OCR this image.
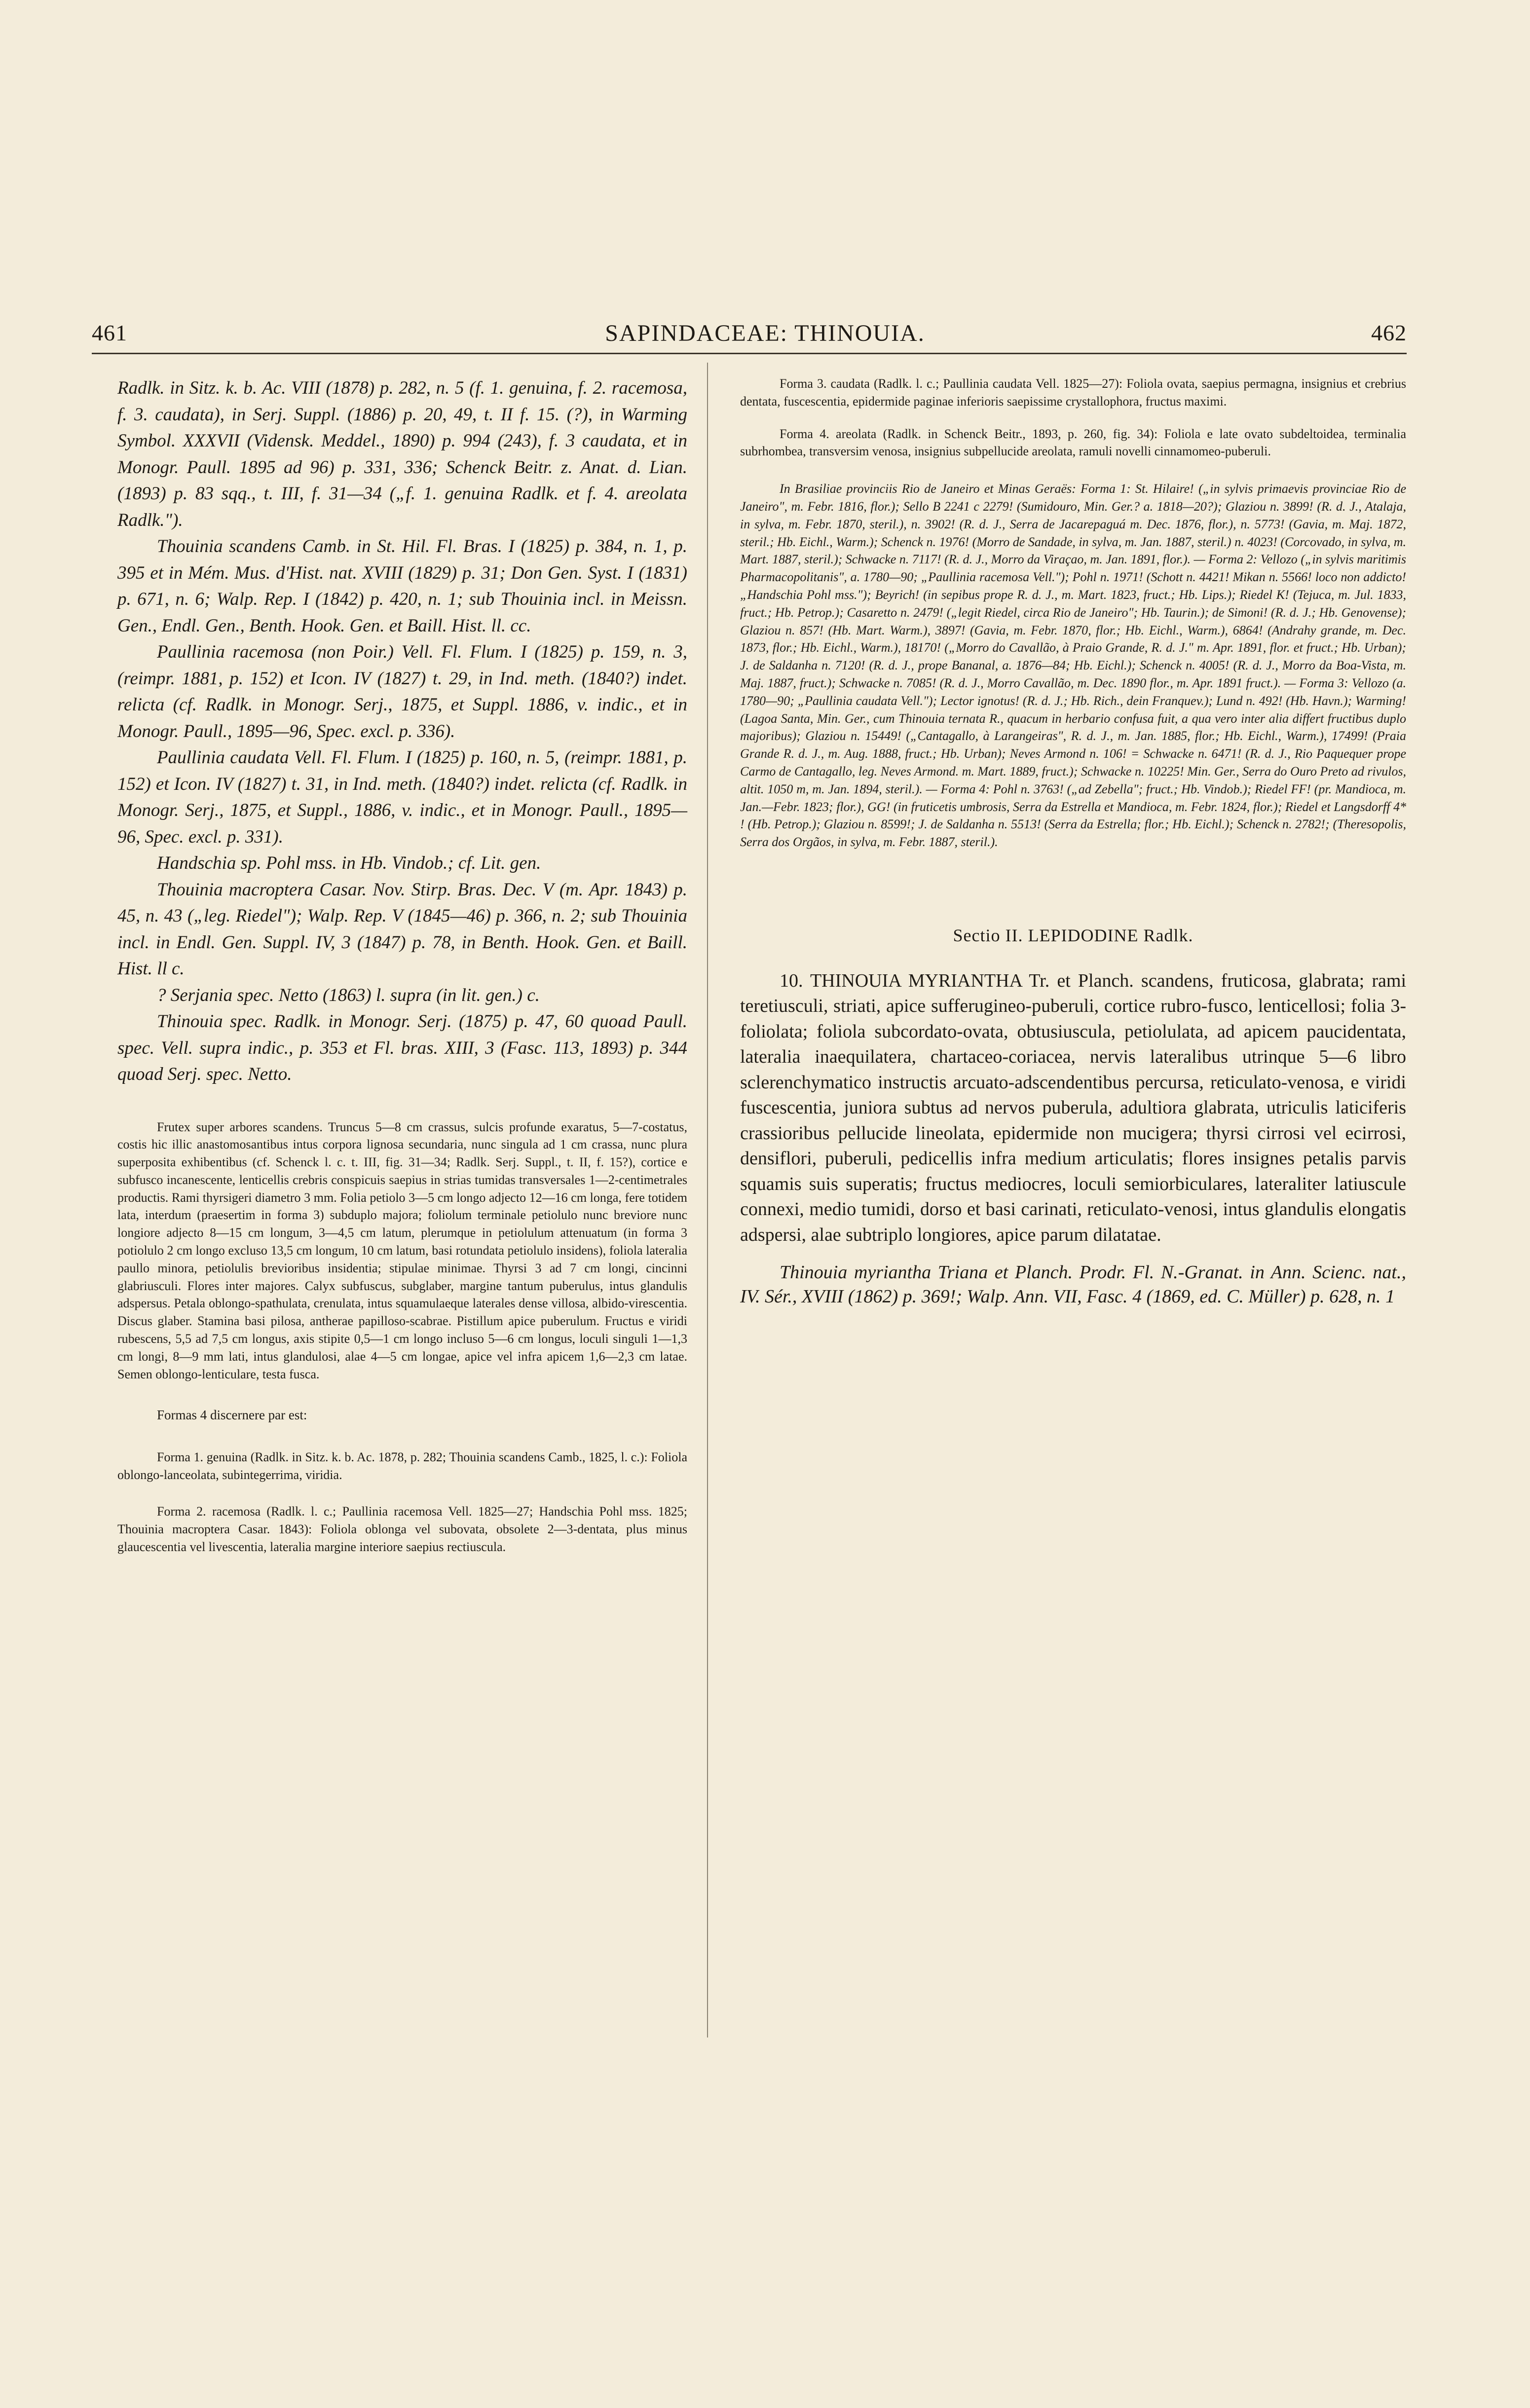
461	SAPINDACEAE: THINOUIA.	462

Radlk. in Sitz. k. b. Ac. VIII (1878) p. 282, n. 5 (f. 1. genuina, f. 2. racemosa, f. 3. caudata), in Serj. Suppl. (1886) p. 20, 49, t. II f. 15. (?), in Warming Symbol. XXXVII (Vidensk. Meddel., 1890) p. 994 (243), f. 3 caudata, et in Monogr. Paull. 1895 ad 96) p. 331, 336; Schenck Beitr. z. Anat. d. Lian. (1893) p. 83 sqq., t. III, f. 31—34 („f. 1. genuina Radlk. et f. 4. areolata Radlk.").

Thouinia scandens Camb. in St. Hil. Fl. Bras. I (1825) p. 384, n. 1, p. 395 et in Mém. Mus. d'Hist. nat. XVIII (1829) p. 31; Don Gen. Syst. I (1831) p. 671, n. 6; Walp. Rep. I (1842) p. 420, n. 1; sub Thouinia incl. in Meissn. Gen., Endl. Gen., Benth. Hook. Gen. et Baill. Hist. ll. cc.

Paullinia racemosa (non Poir.) Vell. Fl. Flum. I (1825) p. 159, n. 3, (reimpr. 1881, p. 152) et Icon. IV (1827) t. 29, in Ind. meth. (1840?) indet. relicta (cf. Radlk. in Monogr. Serj., 1875, et Suppl. 1886, v. indic., et in Monogr. Paull., 1895—96, Spec. excl. p. 336).

Paullinia caudata Vell. Fl. Flum. I (1825) p. 160, n. 5, (reimpr. 1881, p. 152) et Icon. IV (1827) t. 31, in Ind. meth. (1840?) indet. relicta (cf. Radlk. in Monogr. Serj., 1875, et Suppl., 1886, v. indic., et in Monogr. Paull., 1895—96, Spec. excl. p. 331).

Handschia sp. Pohl mss. in Hb. Vindob.; cf. Lit. gen.

Thouinia macroptera Casar. Nov. Stirp. Bras. Dec. V (m. Apr. 1843) p. 45, n. 43 („leg. Riedel"); Walp. Rep. V (1845—46) p. 366, n. 2; sub Thouinia incl. in Endl. Gen. Suppl. IV, 3 (1847) p. 78, in Benth. Hook. Gen. et Baill. Hist. ll c.

? Serjania spec. Netto (1863) l. supra (in lit. gen.) c.

Thinouia spec. Radlk. in Monogr. Serj. (1875) p. 47, 60 quoad Paull. spec. Vell. supra indic., p. 353 et Fl. bras. XIII, 3 (Fasc. 113, 1893) p. 344 quoad Serj. spec. Netto.

Frutex super arbores scandens. Truncus 5—8 cm crassus, sulcis profunde exaratus, 5—7-costatus, costis hic illic anastomosantibus intus corpora lignosa secundaria, nunc singula ad 1 cm crassa, nunc plura superposita exhibentibus (cf. Schenck l. c. t. III, fig. 31—34; Radlk. Serj. Suppl., t. II, f. 15?), cortice e subfusco incanescente, lenticellis crebris conspicuis saepius in strias tumidas transversales 1—2-centimetrales productis. Rami thyrsigeri diametro 3 mm. Folia petiolo 3—5 cm longo adjecto 12—16 cm longa, fere totidem lata, interdum (praesertim in forma 3) subduplo majora; foliolum terminale petiolulo nunc breviore nunc longiore adjecto 8—15 cm longum, 3—4,5 cm latum, plerumque in petiolulum attenuatum (in forma 3 potiolulo 2 cm longo excluso 13,5 cm longum, 10 cm latum, basi rotundata petiolulo insidens), foliola lateralia paullo minora, petiolulis brevioribus insidentia; stipulae minimae. Thyrsi 3 ad 7 cm longi, cincinni glabriusculi. Flores inter majores. Calyx subfuscus, subglaber, margine tantum puberulus, intus glandulis adspersus. Petala oblongo-spathulata, crenulata, intus squamulaeque laterales dense villosa, albido-virescentia. Discus glaber. Stamina basi pilosa, antherae papilloso-scabrae. Pistillum apice puberulum. Fructus e viridi rubescens, 5,5 ad 7,5 cm longus, axis stipite 0,5—1 cm longo incluso 5—6 cm longus, loculi singuli 1—1,3 cm longi, 8—9 mm lati, intus glandulosi, alae 4—5 cm longae, apice vel infra apicem 1,6—2,3 cm latae. Semen oblongo-lenticulare, testa fusca.

Formas 4 discernere par est:

Forma 1. genuina (Radlk. in Sitz. k. b. Ac. 1878, p. 282; Thouinia scandens Camb., 1825, l. c.): Foliola oblongo-lanceolata, subintegerrima, viridia.

Forma 2. racemosa (Radlk. l. c.; Paullinia racemosa Vell. 1825—27; Handschia Pohl mss. 1825; Thouinia macroptera Casar. 1843): Foliola oblonga vel subovata, obsolete 2—3-dentata, plus minus glaucescentia vel livescentia, lateralia margine interiore saepius rectiuscula.

Forma 3. caudata (Radlk. l. c.; Paullinia caudata Vell. 1825—27): Foliola ovata, saepius permagna, insignius et crebrius dentata, fuscescentia, epidermide paginae inferioris saepissime crystallophora, fructus maximi.

Forma 4. areolata (Radlk. in Schenck Beitr., 1893, p. 260, fig. 34): Foliola e late ovato subdeltoidea, terminalia subrhombea, transversim venosa, insignius subpellucide areolata, ramuli novelli cinnamomeo-puberuli.

In Brasiliae provinciis Rio de Janeiro et Minas Geraës: Forma 1: St. Hilaire! („in sylvis primaevis provinciae Rio de Janeiro", m. Febr. 1816, flor.); Sello B 2241 c 2279! (Sumidouro, Min. Ger.? a. 1818—20?); Glaziou n. 3899! (R. d. J., Atalaja, in sylva, m. Febr. 1870, steril.), n. 3902! (R. d. J., Serra de Jacarepaguá m. Dec. 1876, flor.), n. 5773! (Gavia, m. Maj. 1872, steril.; Hb. Eichl., Warm.); Schenck n. 1976! (Morro de Sandade, in sylva, m. Jan. 1887, steril.) n. 4023! (Corcovado, in sylva, m. Mart. 1887, steril.); Schwacke n. 7117! (R. d. J., Morro da Viraçao, m. Jan. 1891, flor.). — Forma 2: Vellozo („in sylvis maritimis Pharmacopolitanis", a. 1780—90; „Paullinia racemosa Vell."); Pohl n. 1971! (Schott n. 4421! Mikan n. 5566! loco non addicto! „Handschia Pohl mss."); Beyrich! (in sepibus prope R. d. J., m. Mart. 1823, fruct.; Hb. Lips.); Riedel K! (Tejuca, m. Jul. 1833, fruct.; Hb. Petrop.); Casaretto n. 2479! („legit Riedel, circa Rio de Janeiro"; Hb. Taurin.); de Simoni! (R. d. J.; Hb. Genovense); Glaziou n. 857! (Hb. Mart. Warm.), 3897! (Gavia, m. Febr. 1870, flor.; Hb. Eichl., Warm.), 6864! (Andrahy grande, m. Dec. 1873, flor.; Hb. Eichl., Warm.), 18170! („Morro do Cavallão, à Praio Grande, R. d. J." m. Apr. 1891, flor. et fruct.; Hb. Urban); J. de Saldanha n. 7120! (R. d. J., prope Bananal, a. 1876—84; Hb. Eichl.); Schenck n. 4005! (R. d. J., Morro da Boa-Vista, m. Maj. 1887, fruct.); Schwacke n. 7085! (R. d. J., Morro Cavallão, m. Dec. 1890 flor., m. Apr. 1891 fruct.). — Forma 3: Vellozo (a. 1780—90; „Paullinia caudata Vell."); Lector ignotus! (R. d. J.; Hb. Rich., dein Franquev.); Lund n. 492! (Hb. Havn.); Warming! (Lagoa Santa, Min. Ger., cum Thinouia ternata R., quacum in herbario confusa fuit, a qua vero inter alia differt fructibus duplo majoribus); Glaziou n. 15449! („Cantagallo, à Larangeiras", R. d. J., m. Jan. 1885, flor.; Hb. Eichl., Warm.), 17499! (Praia Grande R. d. J., m. Aug. 1888, fruct.; Hb. Urban); Neves Armond n. 106! = Schwacke n. 6471! (R. d. J., Rio Paquequer prope Carmo de Cantagallo, leg. Neves Armond. m. Mart. 1889, fruct.); Schwacke n. 10225! Min. Ger., Serra do Ouro Preto ad rivulos, altit. 1050 m, m. Jan. 1894, steril.). — Forma 4: Pohl n. 3763! („ad Zebella"; fruct.; Hb. Vindob.); Riedel FF! (pr. Mandioca, m. Jan.—Febr. 1823; flor.), GG! (in fruticetis umbrosis, Serra da Estrella et Mandioca, m. Febr. 1824, flor.); Riedel et Langsdorff 4* ! (Hb. Petrop.); Glaziou n. 8599!; J. de Saldanha n. 5513! (Serra da Estrella; flor.; Hb. Eichl.); Schenck n. 2782!; (Theresopolis, Serra dos Orgãos, in sylva, m. Febr. 1887, steril.).

Sectio II. LEPIDODINE Radlk.

10. THINOUIA MYRIANTHA Tr. et Planch. scandens, fruticosa, glabrata; rami teretiusculi, striati, apice sufferugineo-puberuli, cortice rubro-fusco, lenticellosi; folia 3-foliolata; foliola subcordato-ovata, obtusiuscula, petiolulata, ad apicem paucidentata, lateralia inaequilatera, chartaceo-coriacea, nervis lateralibus utrinque 5—6 libro sclerenchymatico instructis arcuato-adscendentibus percursa, reticulato-venosa, e viridi fuscescentia, juniora subtus ad nervos puberula, adultiora glabrata, utriculis laticiferis crassioribus pellucide lineolata, epidermide non mucigera; thyrsi cirrosi vel ecirrosi, densiflori, puberuli, pedicellis infra medium articulatis; flores insignes petalis parvis squamis suis superatis; fructus mediocres, loculi semiorbiculares, lateraliter latiuscule connexi, medio tumidi, dorso et basi carinati, reticulato-venosi, intus glandulis elongatis adspersi, alae subtriplo longiores, apice parum dilatatae.

Thinouia myriantha Triana et Planch. Prodr. Fl. N.-Granat. in Ann. Scienc. nat., IV. Sér., XVIII (1862) p. 369!; Walp. Ann. VII, Fasc. 4 (1869, ed. C. Müller) p. 628, n. 1
